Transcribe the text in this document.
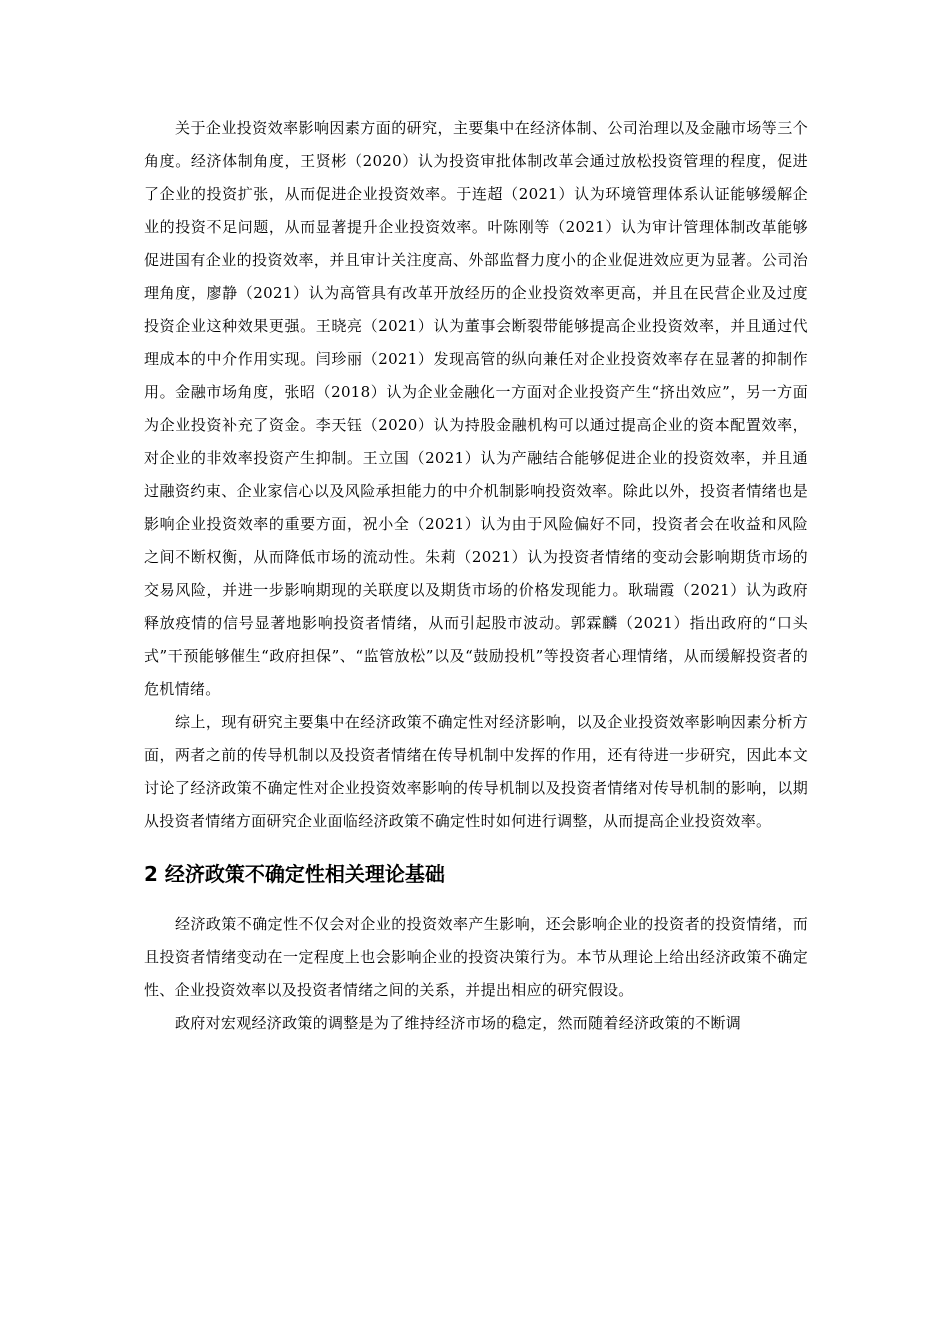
关于企业投资效率影响因素方面的研究，主要集中在经济体制、公司治理以及金融市场等三个角度。经济体制角度，王贤彬（2020）认为投资审批体制改革会通过放松投资管理的程度，促进了企业的投资扩张，从而促进企业投资效率。于连超（2021）认为环境管理体系认证能够缓解企业的投资不足问题，从而显著提升企业投资效率。叶陈刚等（2021）认为审计管理体制改革能够促进国有企业的投资效率，并且审计关注度高、外部监督力度小的企业促进效应更为显著。公司治理角度，廖静（2021）认为高管具有改革开放经历的企业投资效率更高，并且在民营企业及过度投资企业这种效果更强。王晓亮（2021）认为董事会断裂带能够提高企业投资效率，并且通过代理成本的中介作用实现。闫珍丽（2021）发现高管的纵向兼任对企业投资效率存在显著的抑制作用。金融市场角度，张昭（2018）认为企业金融化一方面对企业投资产生“挤出效应”，另一方面为企业投资补充了资金。李天钰（2020）认为持股金融机构可以通过提高企业的资本配置效率，对企业的非效率投资产生抑制。王立国（2021）认为产融结合能够促进企业的投资效率，并且通过融资约束、企业家信心以及风险承担能力的中介机制影响投资效率。除此以外，投资者情绪也是影响企业投资效率的重要方面，祝小全（2021）认为由于风险偏好不同，投资者会在收益和风险之间不断权衡，从而降低市场的流动性。朱莉（2021）认为投资者情绪的变动会影响期货市场的交易风险，并进一步影响期现的关联度以及期货市场的价格发现能力。耿瑞霞（2021）认为政府释放疫情的信号显著地影响投资者情绪，从而引起股市波动。郭霖麟（2021）指出政府的“口头式”干预能够催生“政府担保”、“监管放松”以及“鼓励投机”等投资者心理情绪，从而缓解投资者的危机情绪。

综上，现有研究主要集中在经济政策不确定性对经济影响，以及企业投资效率影响因素分析方面，两者之前的传导机制以及投资者情绪在传导机制中发挥的作用，还有待进一步研究，因此本文讨论了经济政策不确定性对企业投资效率影响的传导机制以及投资者情绪对传导机制的影响，以期从投资者情绪方面研究企业面临经济政策不确定性时如何进行调整，从而提高企业投资效率。

2 经济政策不确定性相关理论基础

经济政策不确定性不仅会对企业的投资效率产生影响，还会影响企业的投资者的投资情绪，而且投资者情绪变动在一定程度上也会影响企业的投资决策行为。本节从理论上给出经济政策不确定性、企业投资效率以及投资者情绪之间的关系，并提出相应的研究假设。

政府对宏观经济政策的调整是为了维持经济市场的稳定，然而随着经济政策的不断调
